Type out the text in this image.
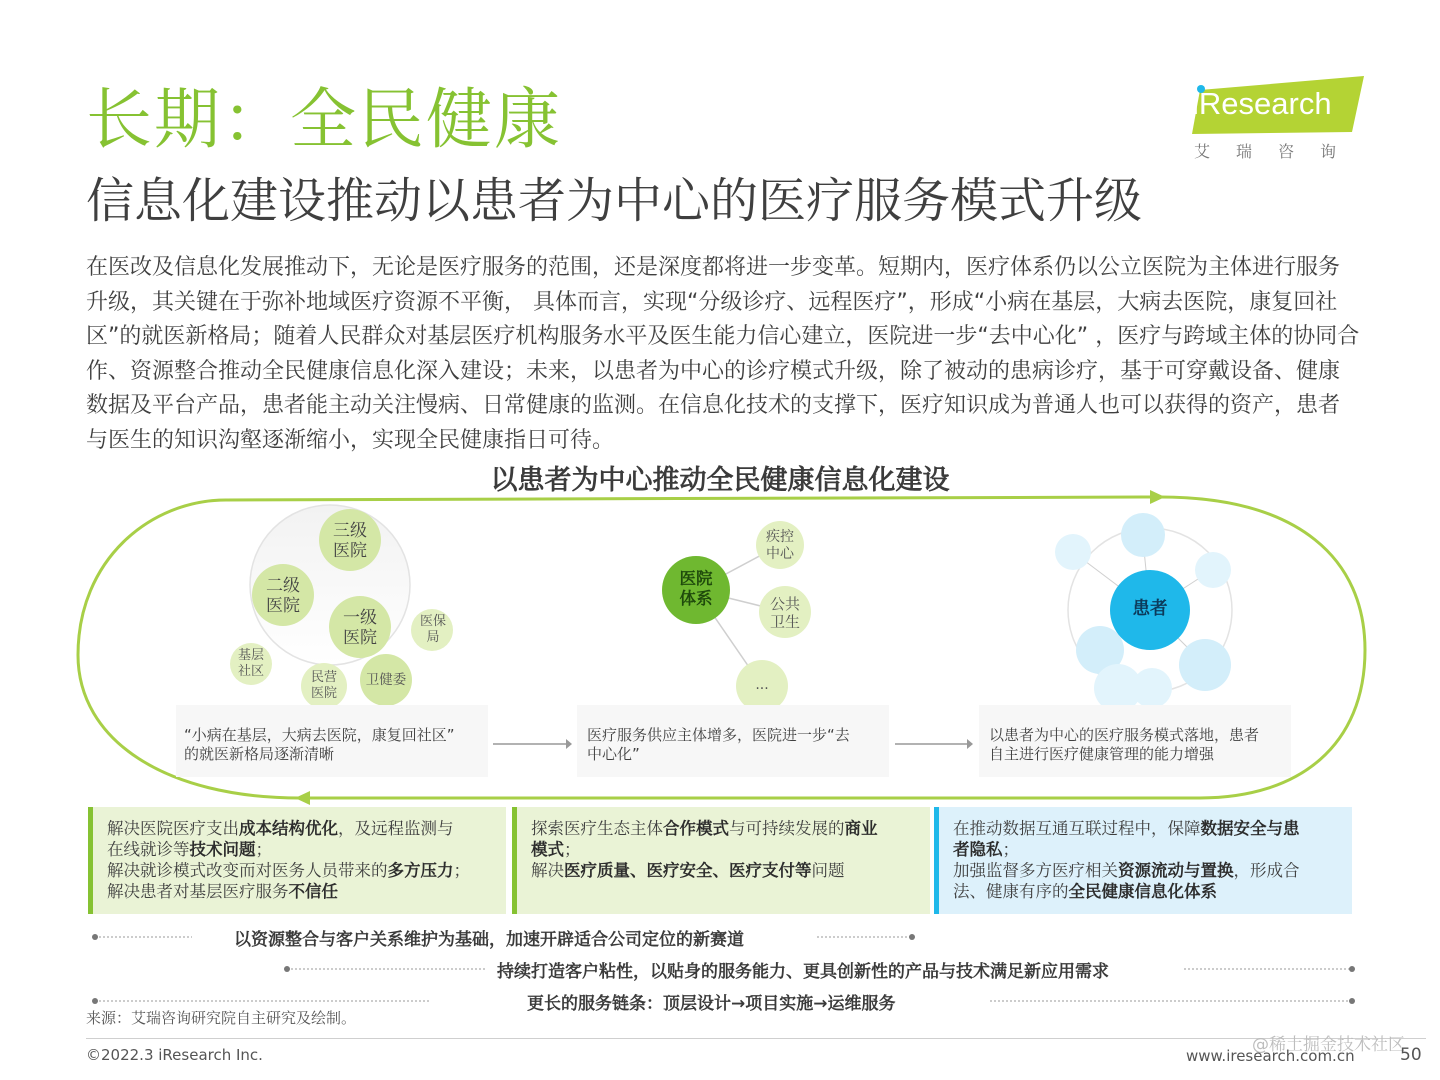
长期：全民健康
信息化建设推动以患者为中心的医疗服务模式升级
iResearch
艾瑞咨询
在医改及信息化发展推动下，无论是医疗服务的范围，还是深度都将进一步变革。短期内，医疗体系仍以公立医院为主体进行服务升级，其关键在于弥补地域医疗资源不平衡， 具体而言，实现“分级诊疗、远程医疗”，形成“小病在基层，大病去医院，康复回社区”的就医新格局；随着人民群众对基层医疗机构服务水平及医生能力信心建立，医院进一步“去中心化” ，医疗与跨域主体的协同合作、资源整合推动全民健康信息化深入建设；未来，以患者为中心的诊疗模式升级，除了被动的患病诊疗，基于可穿戴设备、健康数据及平台产品，患者能主动关注慢病、日常健康的监测。在信息化技术的支撑下，医疗知识成为普通人也可以获得的资产，患者与医生的知识沟壑逐渐缩小，实现全民健康指日可待。
以患者为中心推动全民健康信息化建设
三级医院
二级医院
一级医院
医保局
基层社区	民营医院
卫健委
医院体系
疾控中心
公共卫生
...
患者
“小病在基层，大病去医院，康复回社区”
的就医新格局逐渐清晰
医疗服务供应主体增多，医院进一步“去
中心化”
以患者为中心的医疗服务模式落地，患者
自主进行医疗健康管理的能力增强
解决医院医疗支出成本结构优化，及远程监测与
在线就诊等技术问题；
解决就诊模式改变而对医务人员带来的多方压力；
解决患者对基层医疗服务不信任
探索医疗生态主体合作模式与可持续发展的商业
模式；
解决医疗质量、医疗安全、医疗支付等问题
在推动数据互通互联过程中，保障数据安全与患
者隐私；
加强监督多方医疗相关资源流动与置换，形成合
法、健康有序的全民健康信息化体系
以资源整合与客户关系维护为基础，加速开辟适合公司定位的新赛道
持续打造客户粘性，以贴身的服务能力、更具创新性的产品与技术满足新应用需求
更长的服务链条：顶层设计→项目实施→运维服务
来源：艾瑞咨询研究院自主研究及绘制。
©2022.3 iResearch Inc.	@稀土掘金技术社区
www.iresearch.com.cn	50
